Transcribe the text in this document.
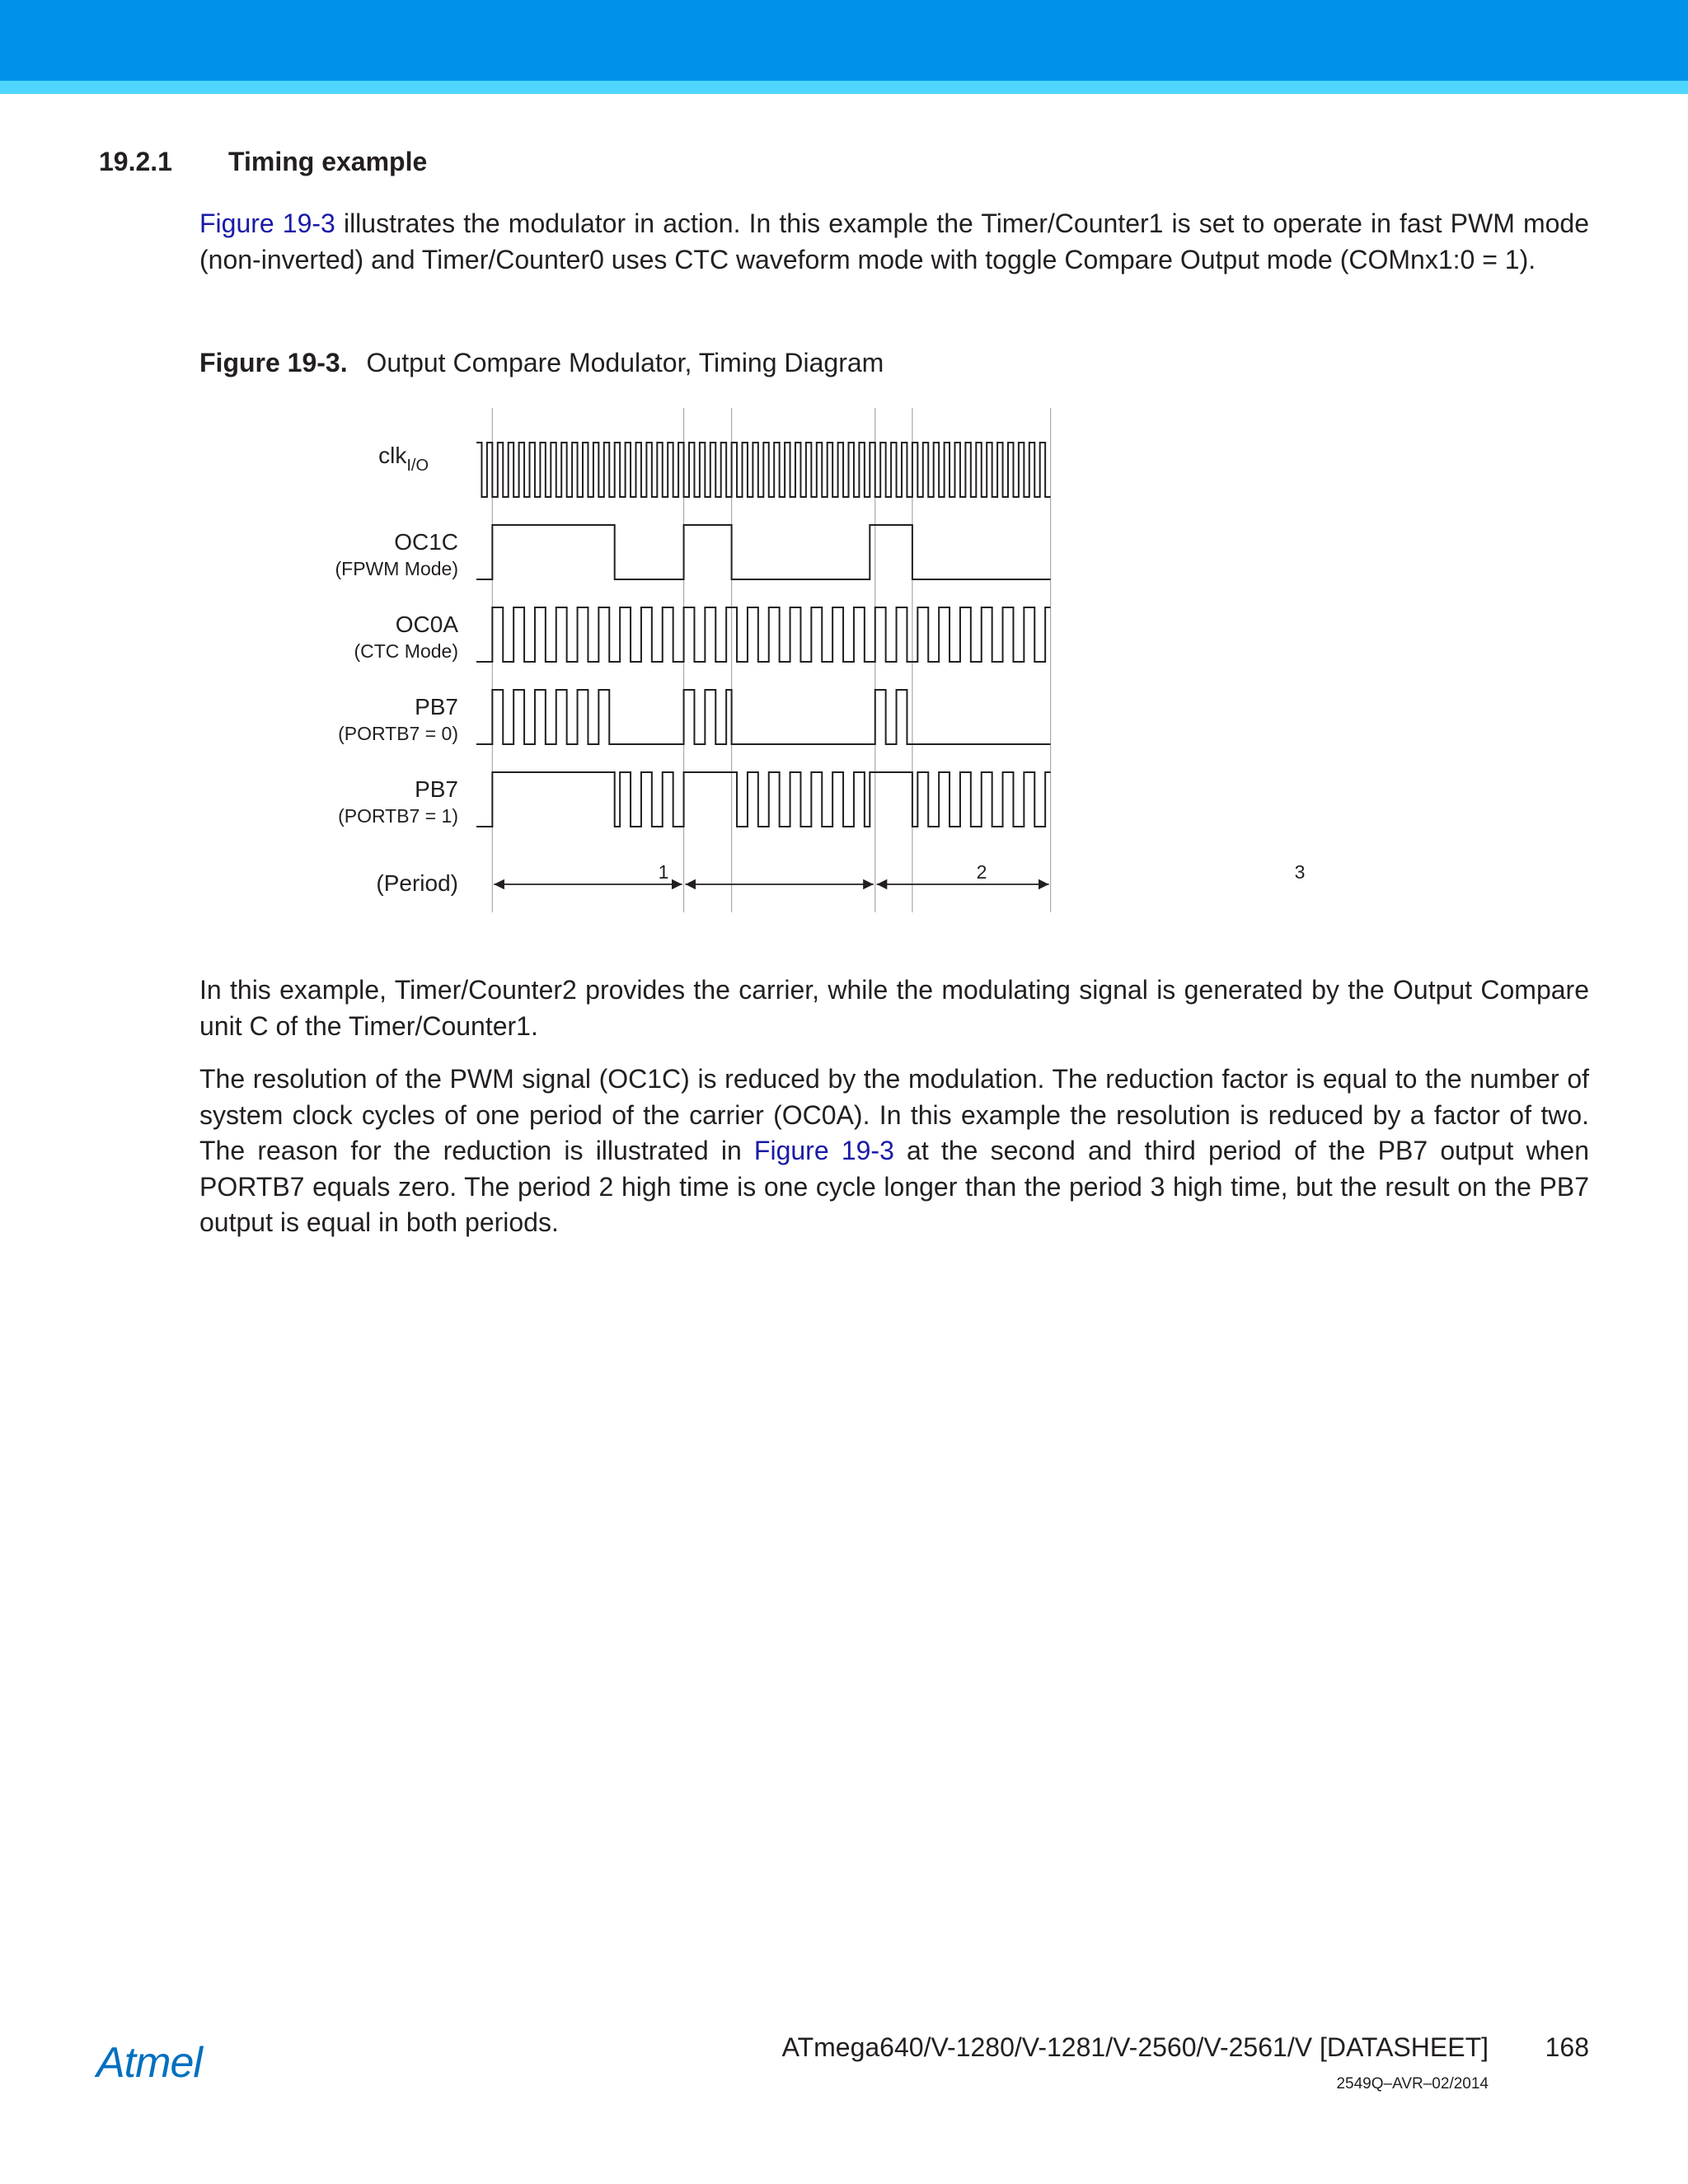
19.2.1 Timing example

Figure 19-3 illustrates the modulator in action. In this example the Timer/Counter1 is set to operate in fast PWM mode (non-inverted) and Timer/Counter0 uses CTC waveform mode with toggle Compare Output mode (COMnx1:0 = 1).

Figure 19-3. Output Compare Modulator, Timing Diagram
clk$_{I/O}$
OC1C
(FPWM Mode)
OC0A
(CTC Mode)
PB7
(PORTB7 = 0)
PB7
(PORTB7 = 1)
(Period)	1	2	3

In this example, Timer/Counter2 provides the carrier, while the modulating signal is generated by the Output Compare unit C of the Timer/Counter1.

The resolution of the PWM signal (OC1C) is reduced by the modulation. The reduction factor is equal to the number of system clock cycles of one period of the carrier (OC0A). In this example the resolution is reduced by a factor of two. The reason for the reduction is illustrated in Figure 19-3 at the second and third period of the PB7 output when PORTB7 equals zero. The period 2 high time is one cycle longer than the period 3 high time, but the result on the PB7 output is equal in both periods.

Atmel	ATmega640/V-1280/V-1281/V-2560/V-2561/V [DATASHEET] 168
2549Q–AVR–02/2014
